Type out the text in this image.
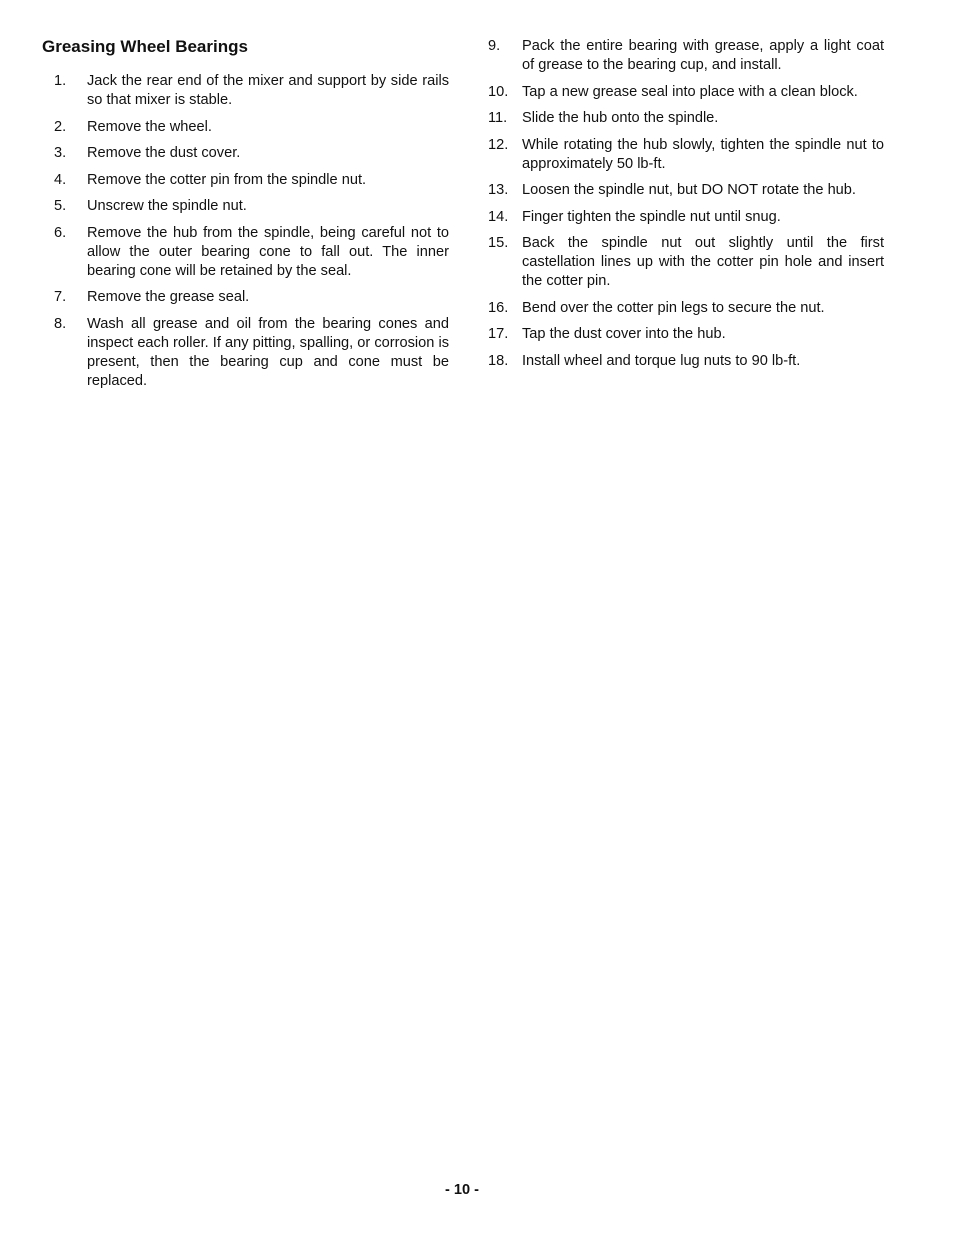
Greasing Wheel Bearings
1.	Jack the rear end of the mixer and support by side rails so that mixer is stable.
2.	Remove the wheel.
3.	Remove the dust cover.
4.	Remove the cotter pin from the spindle nut.
5.	Unscrew the spindle nut.
6.	Remove the hub from the spindle, being careful not to allow the outer bearing cone to fall out. The inner bearing cone will be retained by the seal.
7.	Remove the grease seal.
8.	Wash all grease and oil from the bearing cones and inspect each roller. If any pitting, spalling, or corrosion is present, then the bearing cup and cone must be replaced.
9.	Pack the entire bearing with grease, apply a light coat of grease to the bearing cup, and install.
10. Tap a new grease seal into place with a clean block.
11.	Slide the hub onto the spindle.
12. While rotating the hub slowly, tighten the spindle nut to approximately 50 lb-ft.
13. Loosen the spindle nut, but DO NOT rotate the hub.
14. Finger tighten the spindle nut until snug.
15. Back the spindle nut out slightly until the first castellation lines up with the cotter pin hole and insert the cotter pin.
16. Bend over the cotter pin legs to secure the nut.
17. Tap the dust cover into the hub.
18. Install wheel and torque lug nuts to 90 lb-ft.
- 10 -
